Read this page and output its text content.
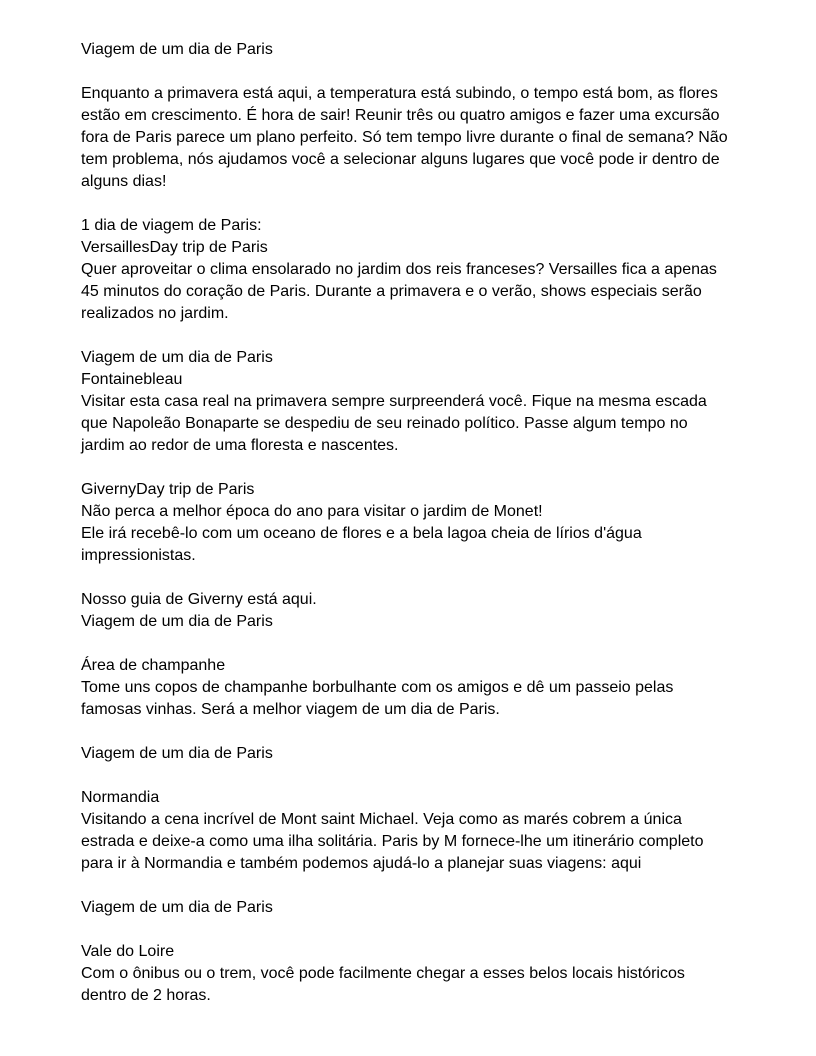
Viagem de um dia de Paris

Enquanto a primavera está aqui, a temperatura está subindo, o tempo está bom, as flores estão em crescimento. É hora de sair! Reunir três ou quatro amigos e fazer uma excursão fora de Paris parece um plano perfeito. Só tem tempo livre durante o final de semana? Não tem problema, nós ajudamos você a selecionar alguns lugares que você pode ir dentro de alguns dias!

1 dia de viagem de Paris:

VersaillesDay trip de Paris

Quer aproveitar o clima ensolarado no jardim dos reis franceses? Versailles fica a apenas 45 minutos do coração de Paris. Durante a primavera e o verão, shows especiais serão realizados no jardim.

Viagem de um dia de Paris

Fontainebleau

Visitar esta casa real na primavera sempre surpreenderá você. Fique na mesma escada que Napoleão Bonaparte se despediu de seu reinado político. Passe algum tempo no jardim ao redor de uma floresta e nascentes.

GivernyDay trip de Paris

Não perca a melhor época do ano para visitar o jardim de Monet!

Ele irá recebê-lo com um oceano de flores e a bela lagoa cheia de lírios d'água impressionistas.

Nosso guia de Giverny está aqui.

Viagem de um dia de Paris

Área de champanhe

Tome uns copos de champanhe borbulhante com os amigos e dê um passeio pelas famosas vinhas. Será a melhor viagem de um dia de Paris.

Viagem de um dia de Paris

Normandia

Visitando a cena incrível de Mont saint Michael. Veja como as marés cobrem a única estrada e deixe-a como uma ilha solitária. Paris by M fornece-lhe um itinerário completo para ir à Normandia e também podemos ajudá-lo a planejar suas viagens: aqui

Viagem de um dia de Paris

Vale do Loire

Com o ônibus ou o trem, você pode facilmente chegar a esses belos locais históricos dentro de 2 horas.
